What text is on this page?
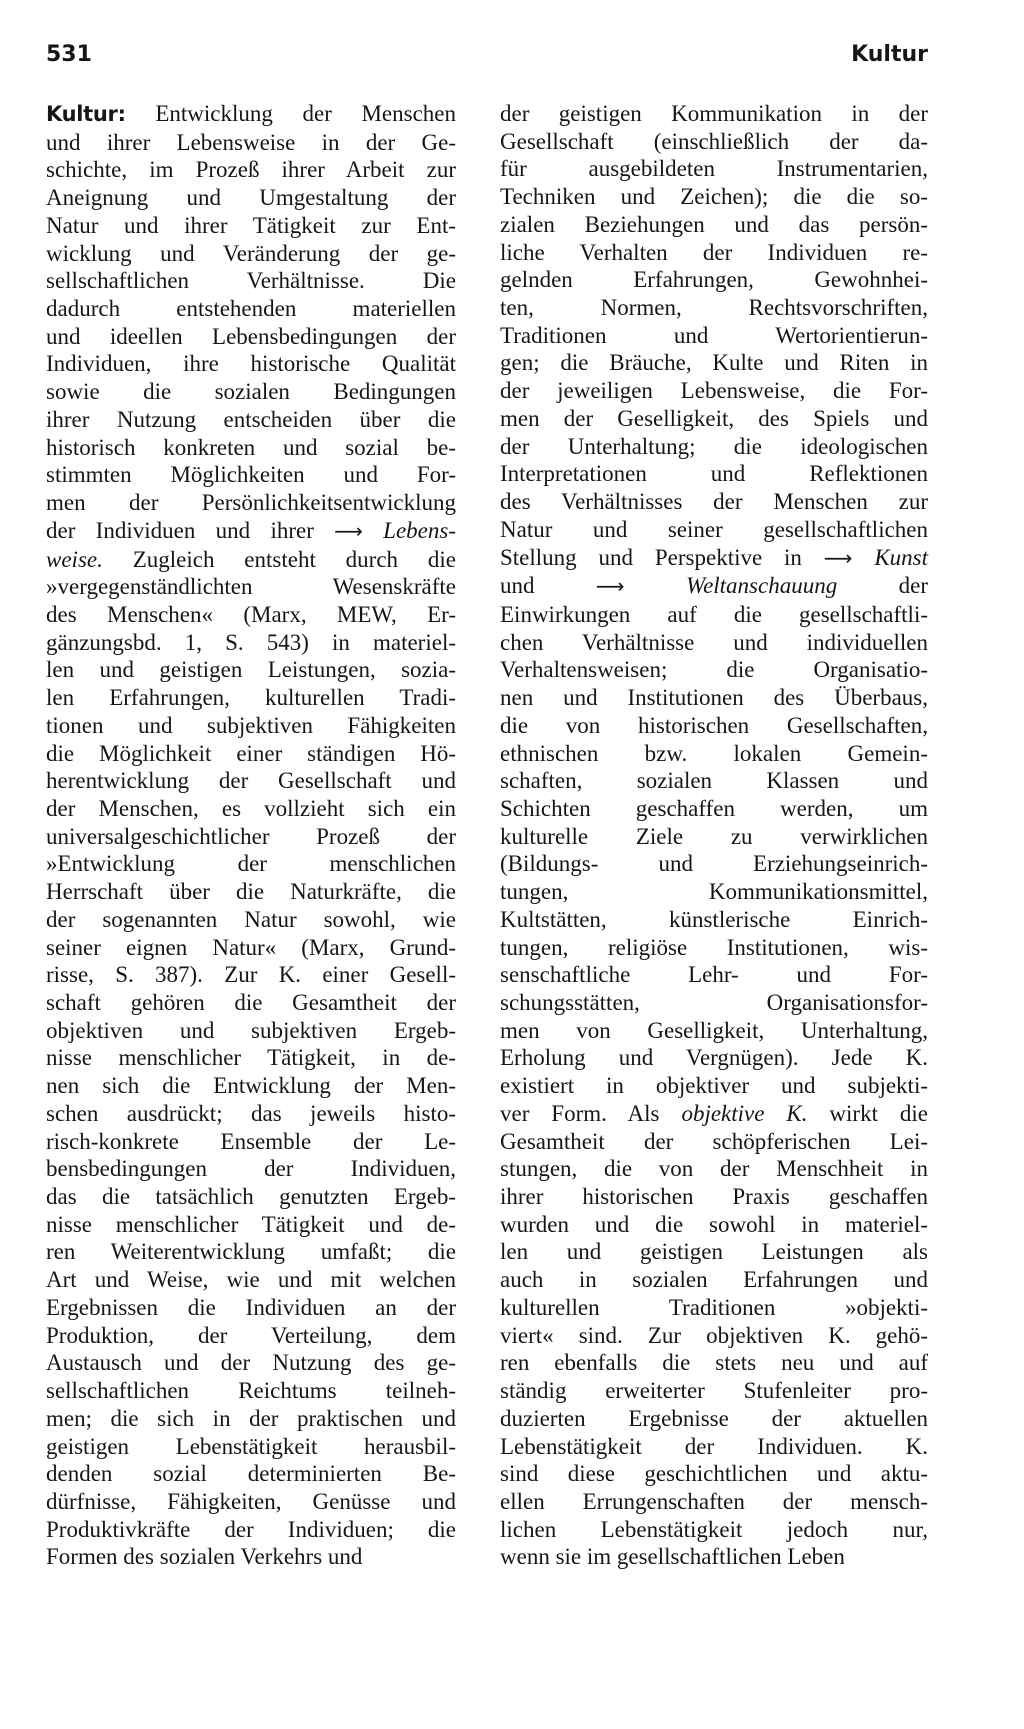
531	Kultur
Kultur: Entwicklung der Menschen
und ihrer Lebensweise in der Ge-
schichte, im Prozeß ihrer Arbeit zur
Aneignung und Umgestaltung der
Natur und ihrer Tätigkeit zur Ent-
wicklung und Veränderung der ge-
sellschaftlichen Verhältnisse. Die
dadurch entstehenden materiellen
und ideellen Lebensbedingungen der
Individuen, ihre historische Qualität
sowie die sozialen Bedingungen
ihrer Nutzung entscheiden über die
historisch konkreten und sozial be-
stimmten Möglichkeiten und For-
men der Persönlichkeitsentwicklung
der Individuen und ihrer ⟶ Lebens-
weise. Zugleich entsteht durch die
»vergegenständlichten Wesenskräfte
des Menschen« (Marx, MEW, Er-
gänzungsbd. 1, S. 543) in materiel-
len und geistigen Leistungen, sozia-
len Erfahrungen, kulturellen Tradi-
tionen und subjektiven Fähigkeiten
die Möglichkeit einer ständigen Hö-
herentwicklung der Gesellschaft und
der Menschen, es vollzieht sich ein
universalgeschichtlicher Prozeß der
»Entwicklung der menschlichen
Herrschaft über die Naturkräfte, die
der sogenannten Natur sowohl, wie
seiner eignen Natur« (Marx, Grund-
risse, S. 387). Zur K. einer Gesell-
schaft gehören die Gesamtheit der
objektiven und subjektiven Ergeb-
nisse menschlicher Tätigkeit, in de-
nen sich die Entwicklung der Men-
schen ausdrückt; das jeweils histo-
risch-konkrete Ensemble der Le-
bensbedingungen der Individuen,
das die tatsächlich genutzten Ergeb-
nisse menschlicher Tätigkeit und de-
ren Weiterentwicklung umfaßt; die
Art und Weise, wie und mit welchen
Ergebnissen die Individuen an der
Produktion, der Verteilung, dem
Austausch und der Nutzung des ge-
sellschaftlichen Reichtums teilneh-
men; die sich in der praktischen und
geistigen Lebenstätigkeit herausbil-
denden sozial determinierten Be-
dürfnisse, Fähigkeiten, Genüsse und
Produktivkräfte der Individuen; die
Formen des sozialen Verkehrs und
der geistigen Kommunikation in der
Gesellschaft (einschließlich der da-
für ausgebildeten Instrumentarien,
Techniken und Zeichen); die die so-
zialen Beziehungen und das persön-
liche Verhalten der Individuen re-
gelnden Erfahrungen, Gewohnhei-
ten, Normen, Rechtsvorschriften,
Traditionen und Wertorientierun-
gen; die Bräuche, Kulte und Riten in
der jeweiligen Lebensweise, die For-
men der Geselligkeit, des Spiels und
der Unterhaltung; die ideologischen
Interpretationen und Reflektionen
des Verhältnisses der Menschen zur
Natur und seiner gesellschaftlichen
Stellung und Perspektive in ⟶ Kunst
und	⟶	Weltanschauung der
Einwirkungen auf die gesellschaftli-
chen Verhältnisse und individuellen
Verhaltensweisen; die Organisatio-
nen und Institutionen des Überbaus,
die von historischen Gesellschaften,
ethnischen bzw. lokalen Gemein-
schaften, sozialen Klassen und
Schichten geschaffen werden, um
kulturelle Ziele zu verwirklichen
(Bildungs- und Erziehungseinrich-
tungen, Kommunikationsmittel,
Kultstätten, künstlerische Einrich-
tungen, religiöse Institutionen, wis-
senschaftliche Lehr- und For-
schungsstätten, Organisationsfor-
men von Geselligkeit, Unterhaltung,
Erholung und Vergnügen). Jede K.
existiert in objektiver und subjekti-
ver Form. Als objektive K. wirkt die
Gesamtheit der schöpferischen Lei-
stungen, die von der Menschheit in
ihrer historischen Praxis geschaffen
wurden und die sowohl in materiel-
len und geistigen Leistungen als
auch in sozialen Erfahrungen und
kulturellen Traditionen »objekti-
viert« sind. Zur objektiven K. gehö-
ren ebenfalls die stets neu und auf
ständig erweiterter Stufenleiter pro-
duzierten Ergebnisse der aktuellen
Lebenstätigkeit der Individuen. K.
sind diese geschichtlichen und aktu-
ellen Errungenschaften der mensch-
lichen Lebenstätigkeit jedoch nur,
wenn sie im gesellschaftlichen Leben
